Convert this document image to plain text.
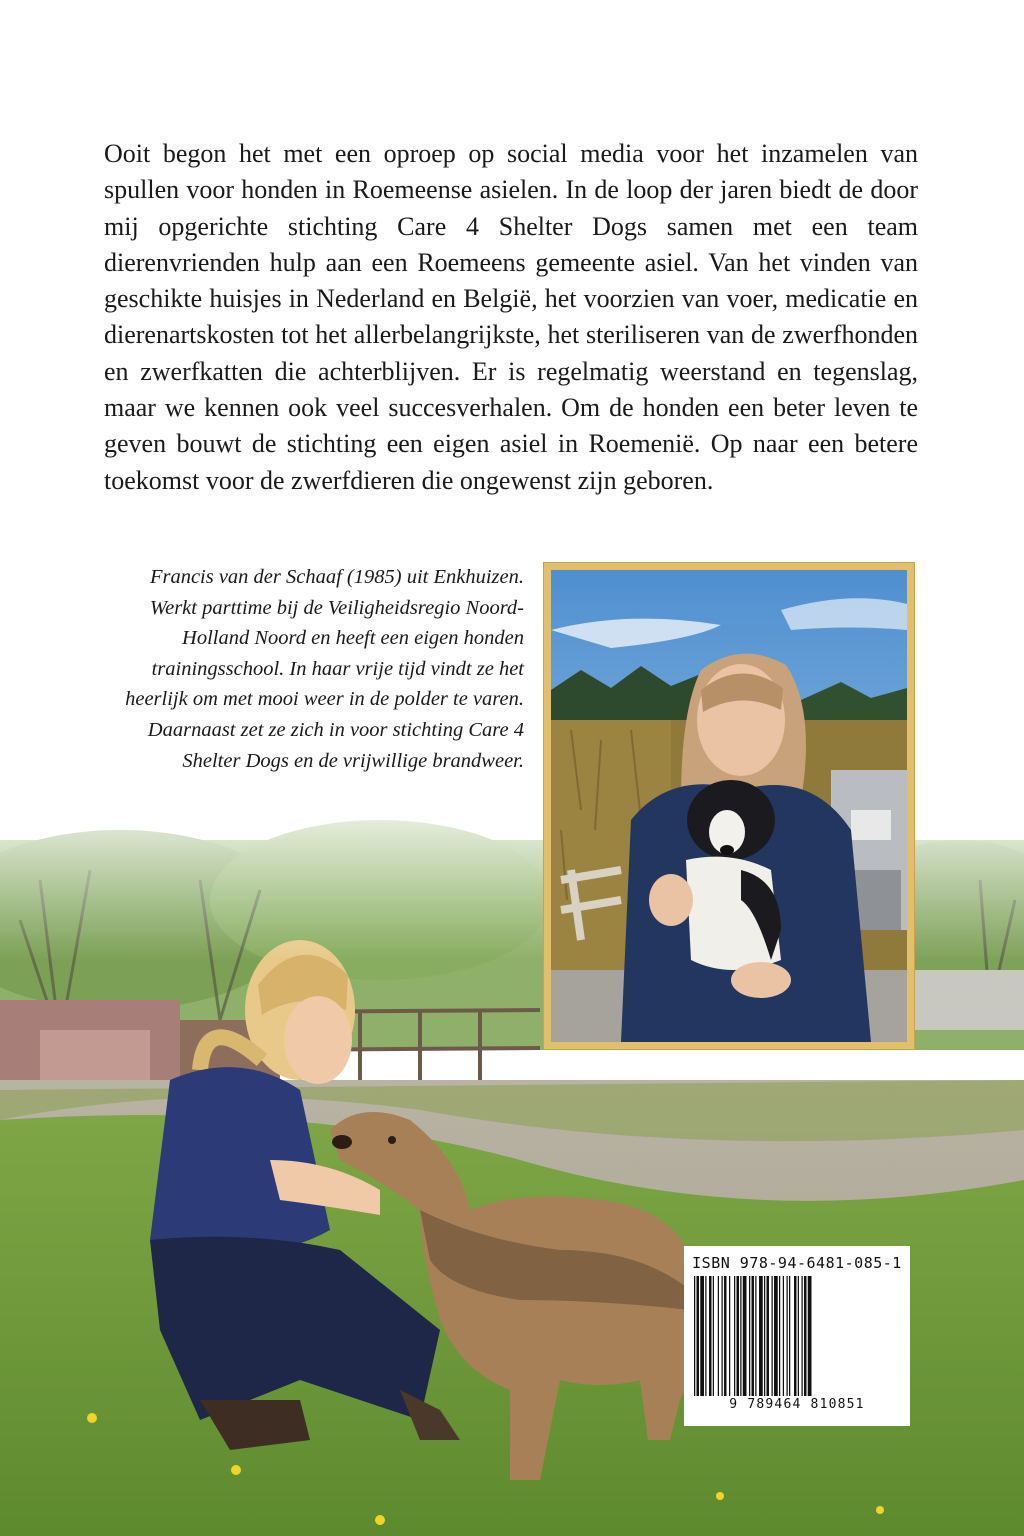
Ooit begon het met een oproep op social media voor het inzamelen van spullen voor honden in Roemeense asielen. In de loop der jaren biedt de door mij opgerichte stichting Care 4 Shelter Dogs samen met een team dierenvrienden hulp aan een Roemeens gemeente asiel. Van het vinden van geschikte huisjes in Nederland en België, het voorzien van voer, medicatie en dierenartskosten tot het allerbelangrijkste, het steriliseren van de zwerfhonden en zwerfkatten die achterblijven. Er is regelmatig weerstand en tegenslag, maar we kennen ook veel succesverhalen. Om de honden een beter leven te geven bouwt de stichting een eigen asiel in Roemenië. Op naar een betere toekomst voor de zwerfdieren die ongewenst zijn geboren.

Francis van der Schaaf (1985) uit Enkhuizen. Werkt parttime bij de Veiligheidsregio Noord-Holland Noord en heeft een eigen honden trainingsschool. In haar vrije tijd vindt ze het heerlijk om met mooi weer in de polder te varen. Daarnaast zet ze zich in voor stichting Care 4 Shelter Dogs en de vrijwillige brandweer.

ISBN 978-94-6481-085-1
9 789464 810851
